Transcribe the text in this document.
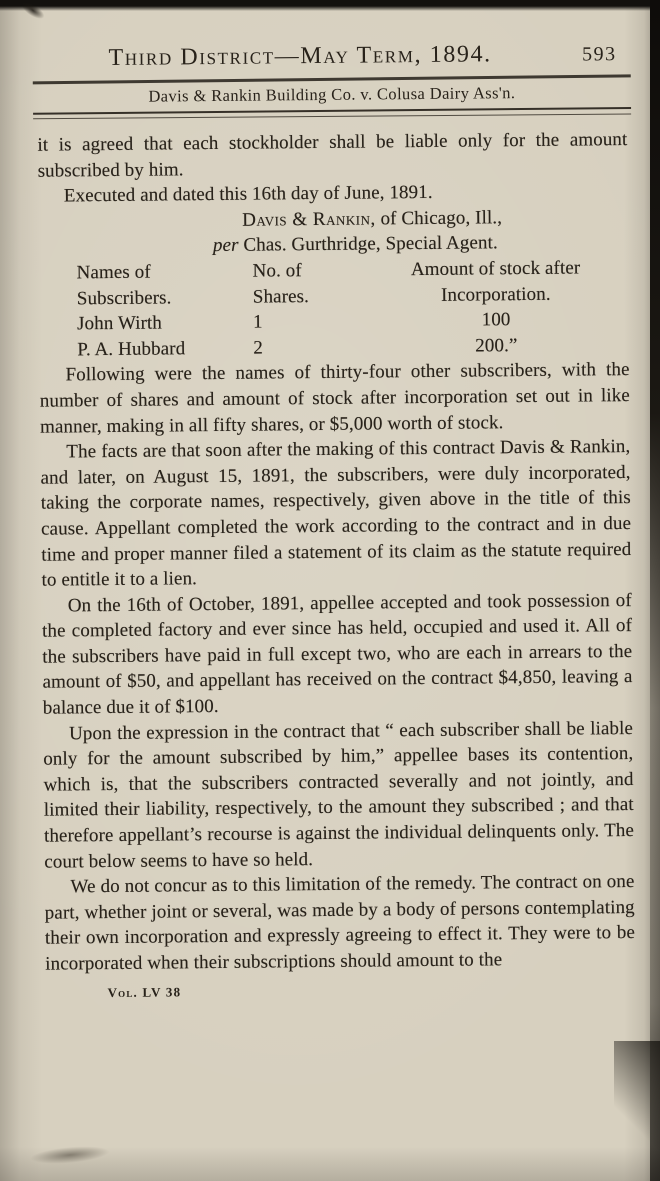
Third District—May Term, 1894.	593
Davis & Rankin Building Co. v. Colusa Dairy Ass'n.

it is agreed that each stockholder shall be liable only for the amount subscribed by him.

Executed and dated this 16th day of June, 1891.

Davis & Rankin, of Chicago, Ill.,

per Chas. Gurthridge, Special Agent.

Names of	No. of	Amount of stock after
Subscribers.	Shares.	Incorporation.
John Wirth	1	100
P. A. Hubbard	2	200.”

Following were the names of thirty-four other subscribers, with the number of shares and amount of stock after incorporation set out in like manner, making in all fifty shares, or $5,000 worth of stock.

The facts are that soon after the making of this contract Davis & Rankin, and later, on August 15, 1891, the subscribers, were duly incorporated, taking the corporate names, respectively, given above in the title of this cause. Appellant completed the work according to the contract and in due time and proper manner filed a statement of its claim as the statute required to entitle it to a lien.

On the 16th of October, 1891, appellee accepted and took possession of the completed factory and ever since has held, occupied and used it. All of the subscribers have paid in full except two, who are each in arrears to the amount of $50, and appellant has received on the contract $4,850, leaving a balance due it of $100.

Upon the expression in the contract that “ each subscriber shall be liable only for the amount subscribed by him,” appellee bases its contention, which is, that the subscribers contracted severally and not jointly, and limited their liability, respectively, to the amount they subscribed ; and that therefore appellant’s recourse is against the individual delinquents only. The court below seems to have so held.

We do not concur as to this limitation of the remedy. The contract on one part, whether joint or several, was made by a body of persons contemplating their own incorporation and expressly agreeing to effect it. They were to be incorporated when their subscriptions should amount to the

Vol. LV 38
